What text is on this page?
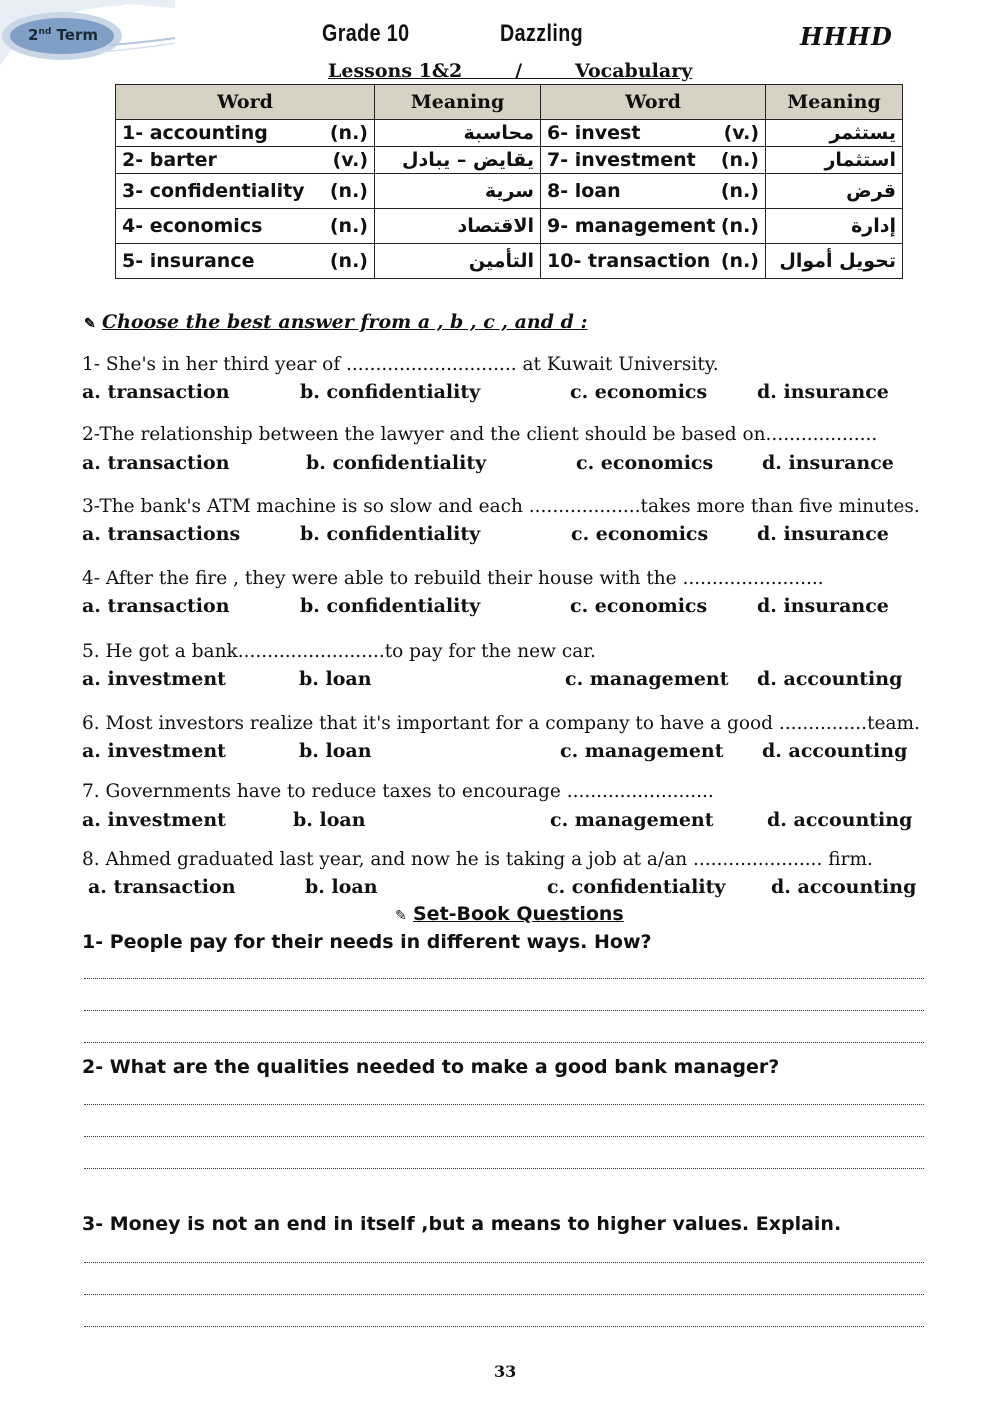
2nd Term	Grade 10	Dazzling	HHHD
Lessons 1&2        /        Vocabulary
Word	Meaning	Word	Meaning

1- accounting (n.)	محاسبة	6- invest (v.)	يستثمر

2- barter (v.)	يقايض – يبادل	7- investment (n.)	استثمار

3- confidentiality (n.)	سرية	8- loan (n.)	قرض

4- economics (n.)	الاقتصاد	9- management (n.)	إدارة

5- insurance (n.)	التأمين	10- transaction (n.)	تحويل أموال
✎ Choose the best answer from a , b , c , and d :
1- She's in her third year of ............................. at Kuwait University.
a. transaction	b. confidentiality	c. economics	d. insurance
2-The relationship between the lawyer and the client should be based on...................
a. transaction	b. confidentiality	c. economics	d. insurance
3-The bank's ATM machine is so slow and each ...................takes more than five minutes.
a. transactions	b. confidentiality	c. economics	d. insurance
4- After the fire , they were able to rebuild their house with the ........................
a. transaction	b. confidentiality	c. economics	d. insurance
5. He got a bank.........................to pay for the new car.
a. investment	b. loan	c. management d. accounting
6. Most investors realize that it's important for a company to have a good ...............team.
a. investment	b. loan	c. management d. accounting
7. Governments have to reduce taxes to encourage .........................
a. investment	b. loan	c. management	d. accounting
8. Ahmed graduated last year, and now he is taking a job at a/an ...................... firm.
a. transaction	b. loan	c. confidentiality d. accounting
✎ Set-Book Questions
1- People pay for their needs in different ways. How?
2- What are the qualities needed to make a good bank manager?
3- Money is not an end in itself ,but a means to higher values. Explain.
33
